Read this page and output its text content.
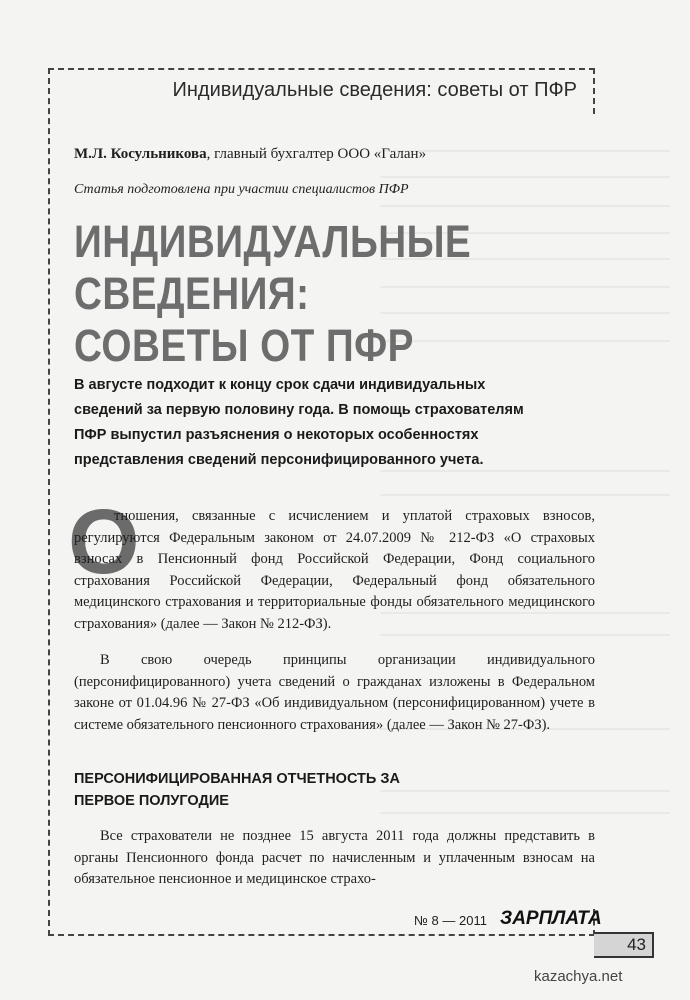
Индивидуальные сведения: советы от ПФР

М.Л. Косульникова, главный бухгалтер ООО «Галан»

Статья подготовлена при участии специалистов ПФР

ИНДИВИДУАЛЬНЫЕ СВЕДЕНИЯ: СОВЕТЫ ОТ ПФР

В августе подходит к концу срок сдачи индивидуальных сведений за первую половину года. В помощь страхователям ПФР выпустил разъяснения о некоторых особенностях представления сведений персонифицированного учета.

О

тношения, связанные с исчислением и уплатой страховых взносов, регулируются Федеральным законом от 24.07.2009 № 212-ФЗ «О страховых взносах в Пенсионный фонд Российской Федерации, Фонд социального страхования Российской Федерации, Федеральный фонд обязательного медицинского страхования и территориальные фонды обязательного медицинского страхования» (далее — Закон № 212-ФЗ).

В свою очередь принципы организации индивидуального (персонифицированного) учета сведений о гражданах изложены в Федеральном законе от 01.04.96 № 27-ФЗ «Об индивидуальном (персонифицированном) учете в системе обязательного пенсионного страхования» (далее — Закон № 27-ФЗ).

ПЕРСОНИФИЦИРОВАННАЯ ОТЧЕТНОСТЬ ЗА ПЕРВОЕ ПОЛУГОДИЕ

Все страхователи не позднее 15 августа 2011 года должны представить в органы Пенсионного фонда расчет по начисленным и уплаченным взносам на обязательное пенсионное и медицинское страхо-

№ 8 — 2011 ЗАРПЛАТА

43

kazachya.net
